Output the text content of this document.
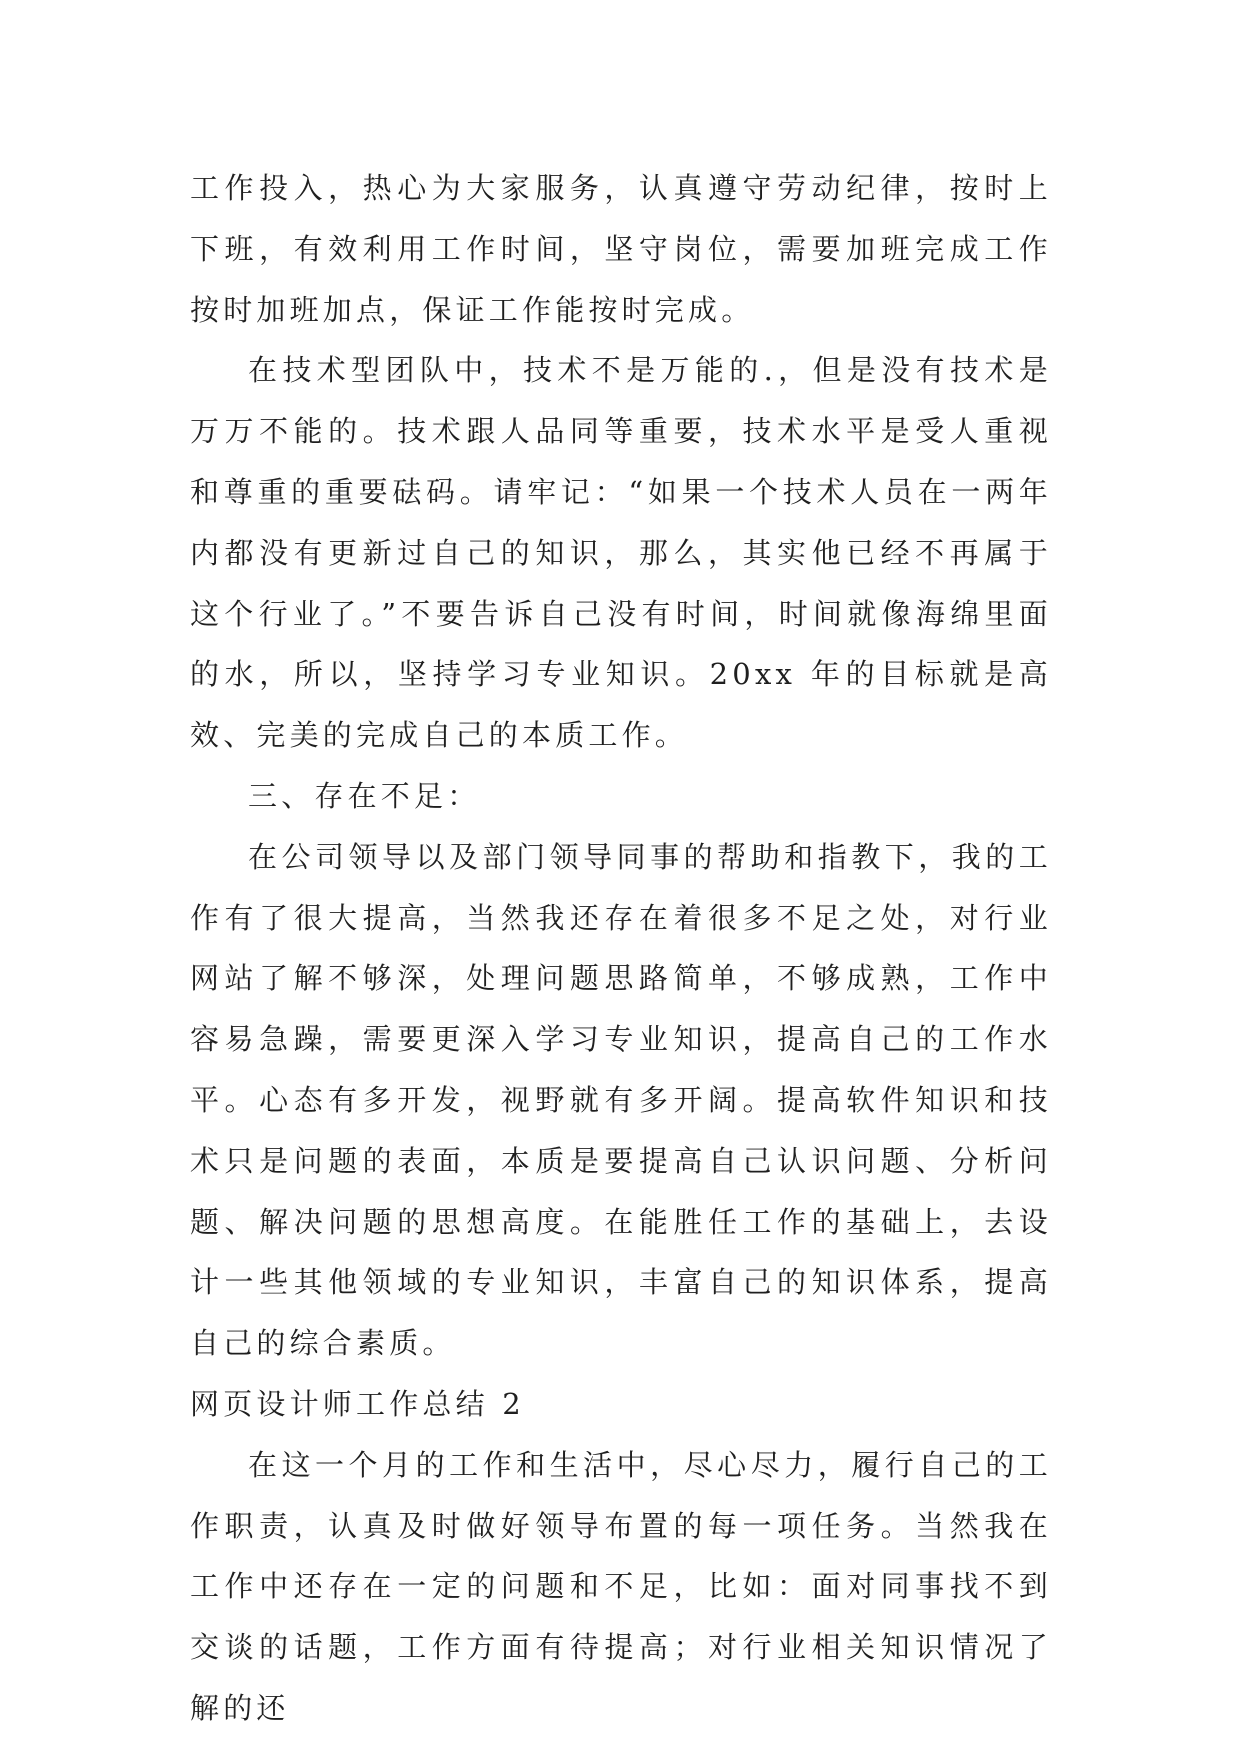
工作投入，热心为大家服务，认真遵守劳动纪律，按时上下班，有效利用工作时间，坚守岗位，需要加班完成工作按时加班加点，保证工作能按时完成。

在技术型团队中，技术不是万能的.，但是没有技术是万万不能的。技术跟人品同等重要，技术水平是受人重视和尊重的重要砝码。请牢记：“如果一个技术人员在一两年内都没有更新过自己的知识，那么，其实他已经不再属于这个行业了。”不要告诉自己没有时间，时间就像海绵里面的水，所以，坚持学习专业知识。20xx 年的目标就是高效、完美的完成自己的本质工作。

三、存在不足：

在公司领导以及部门领导同事的帮助和指教下，我的工作有了很大提高，当然我还存在着很多不足之处，对行业网站了解不够深，处理问题思路简单，不够成熟，工作中容易急躁，需要更深入学习专业知识，提高自己的工作水平。心态有多开发，视野就有多开阔。提高软件知识和技术只是问题的表面，本质是要提高自己认识问题、分析问题、解决问题的思想高度。在能胜任工作的基础上，去设计一些其他领域的专业知识，丰富自己的知识体系，提高自己的综合素质。

网页设计师工作总结 2

在这一个月的工作和生活中，尽心尽力，履行自己的工作职责，认真及时做好领导布置的每一项任务。当然我在工作中还存在一定的问题和不足，比如：面对同事找不到交谈的话题，工作方面有待提高；对行业相关知识情况了解的还
